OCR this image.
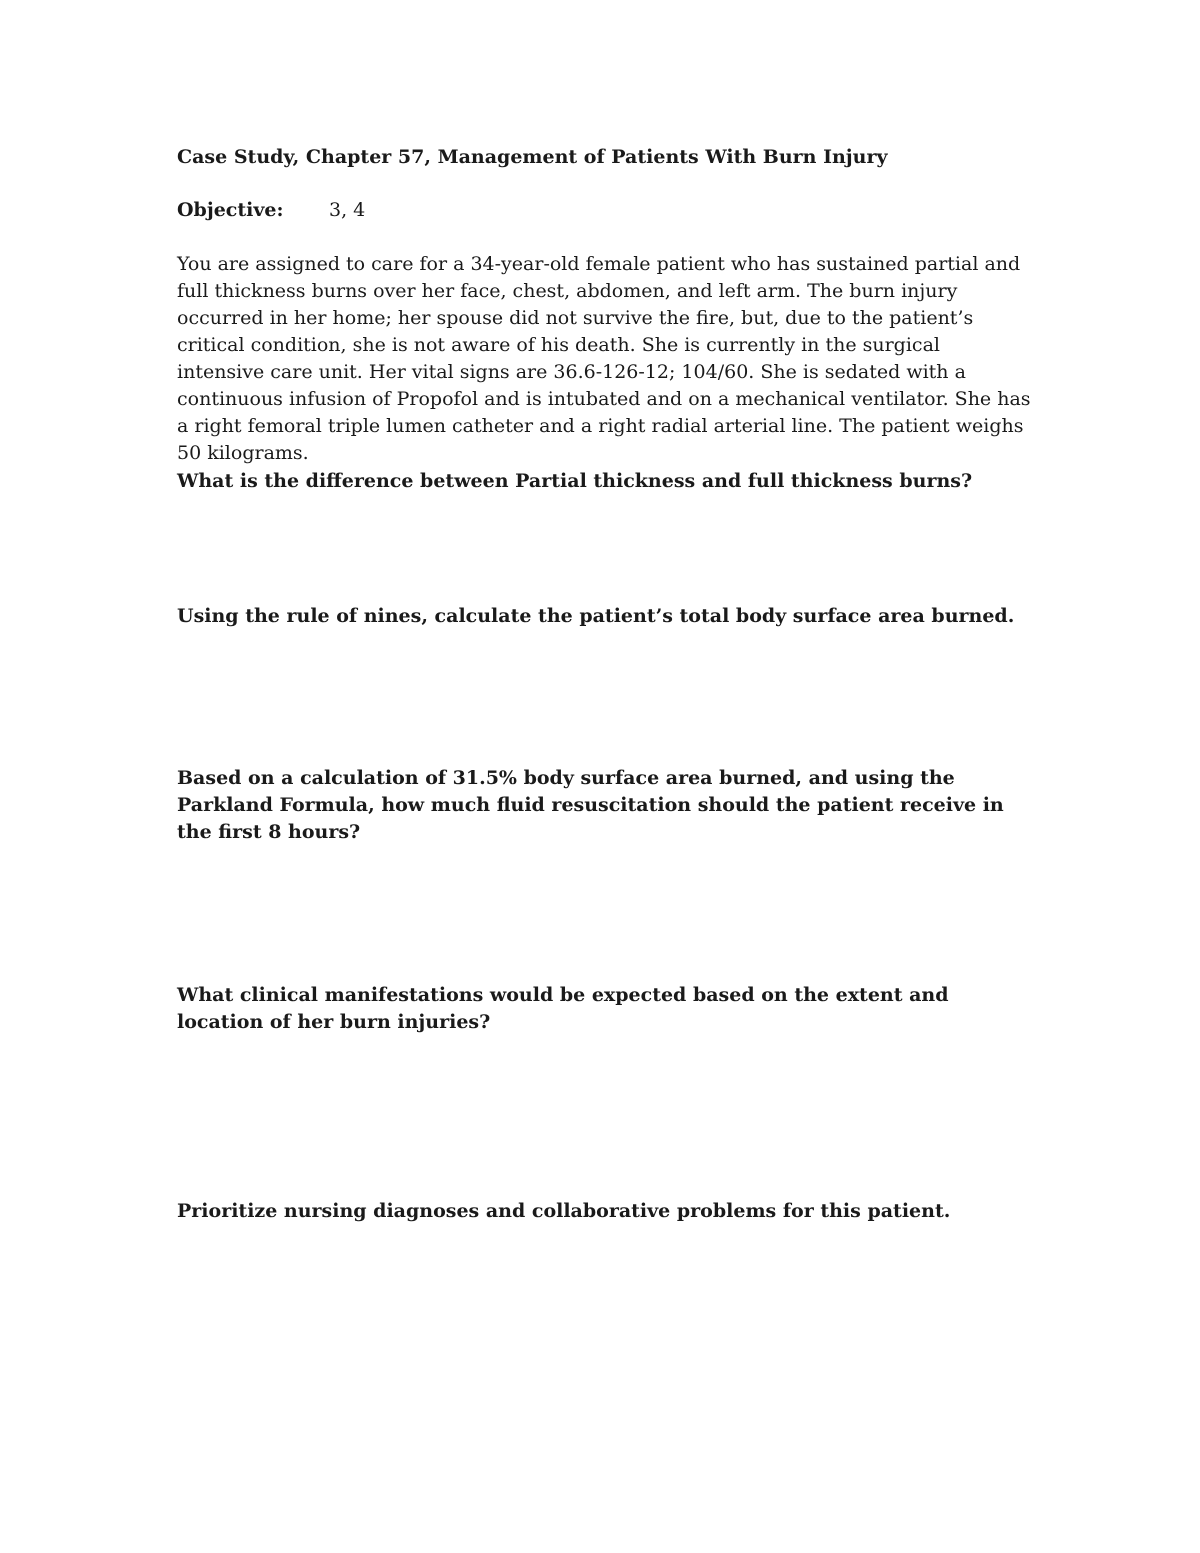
Case Study, Chapter 57, Management of Patients With Burn Injury

Objective: 3, 4

You are assigned to care for a 34-year-old female patient who has sustained partial and full thickness burns over her face, chest, abdomen, and left arm. The burn injury occurred in her home; her spouse did not survive the fire, but, due to the patient’s critical condition, she is not aware of his death. She is currently in the surgical intensive care unit. Her vital signs are 36.6-126-12; 104/60. She is sedated with a continuous infusion of Propofol and is intubated and on a mechanical ventilator. She has a right femoral triple lumen catheter and a right radial arterial line. The patient weighs 50 kilograms.

What is the difference between Partial thickness and full thickness burns?

Using the rule of nines, calculate the patient’s total body surface area burned.

Based on a calculation of 31.5% body surface area burned, and using the Parkland Formula, how much fluid resuscitation should the patient receive in the first 8 hours?

What clinical manifestations would be expected based on the extent and location of her burn injuries?

Prioritize nursing diagnoses and collaborative problems for this patient.
